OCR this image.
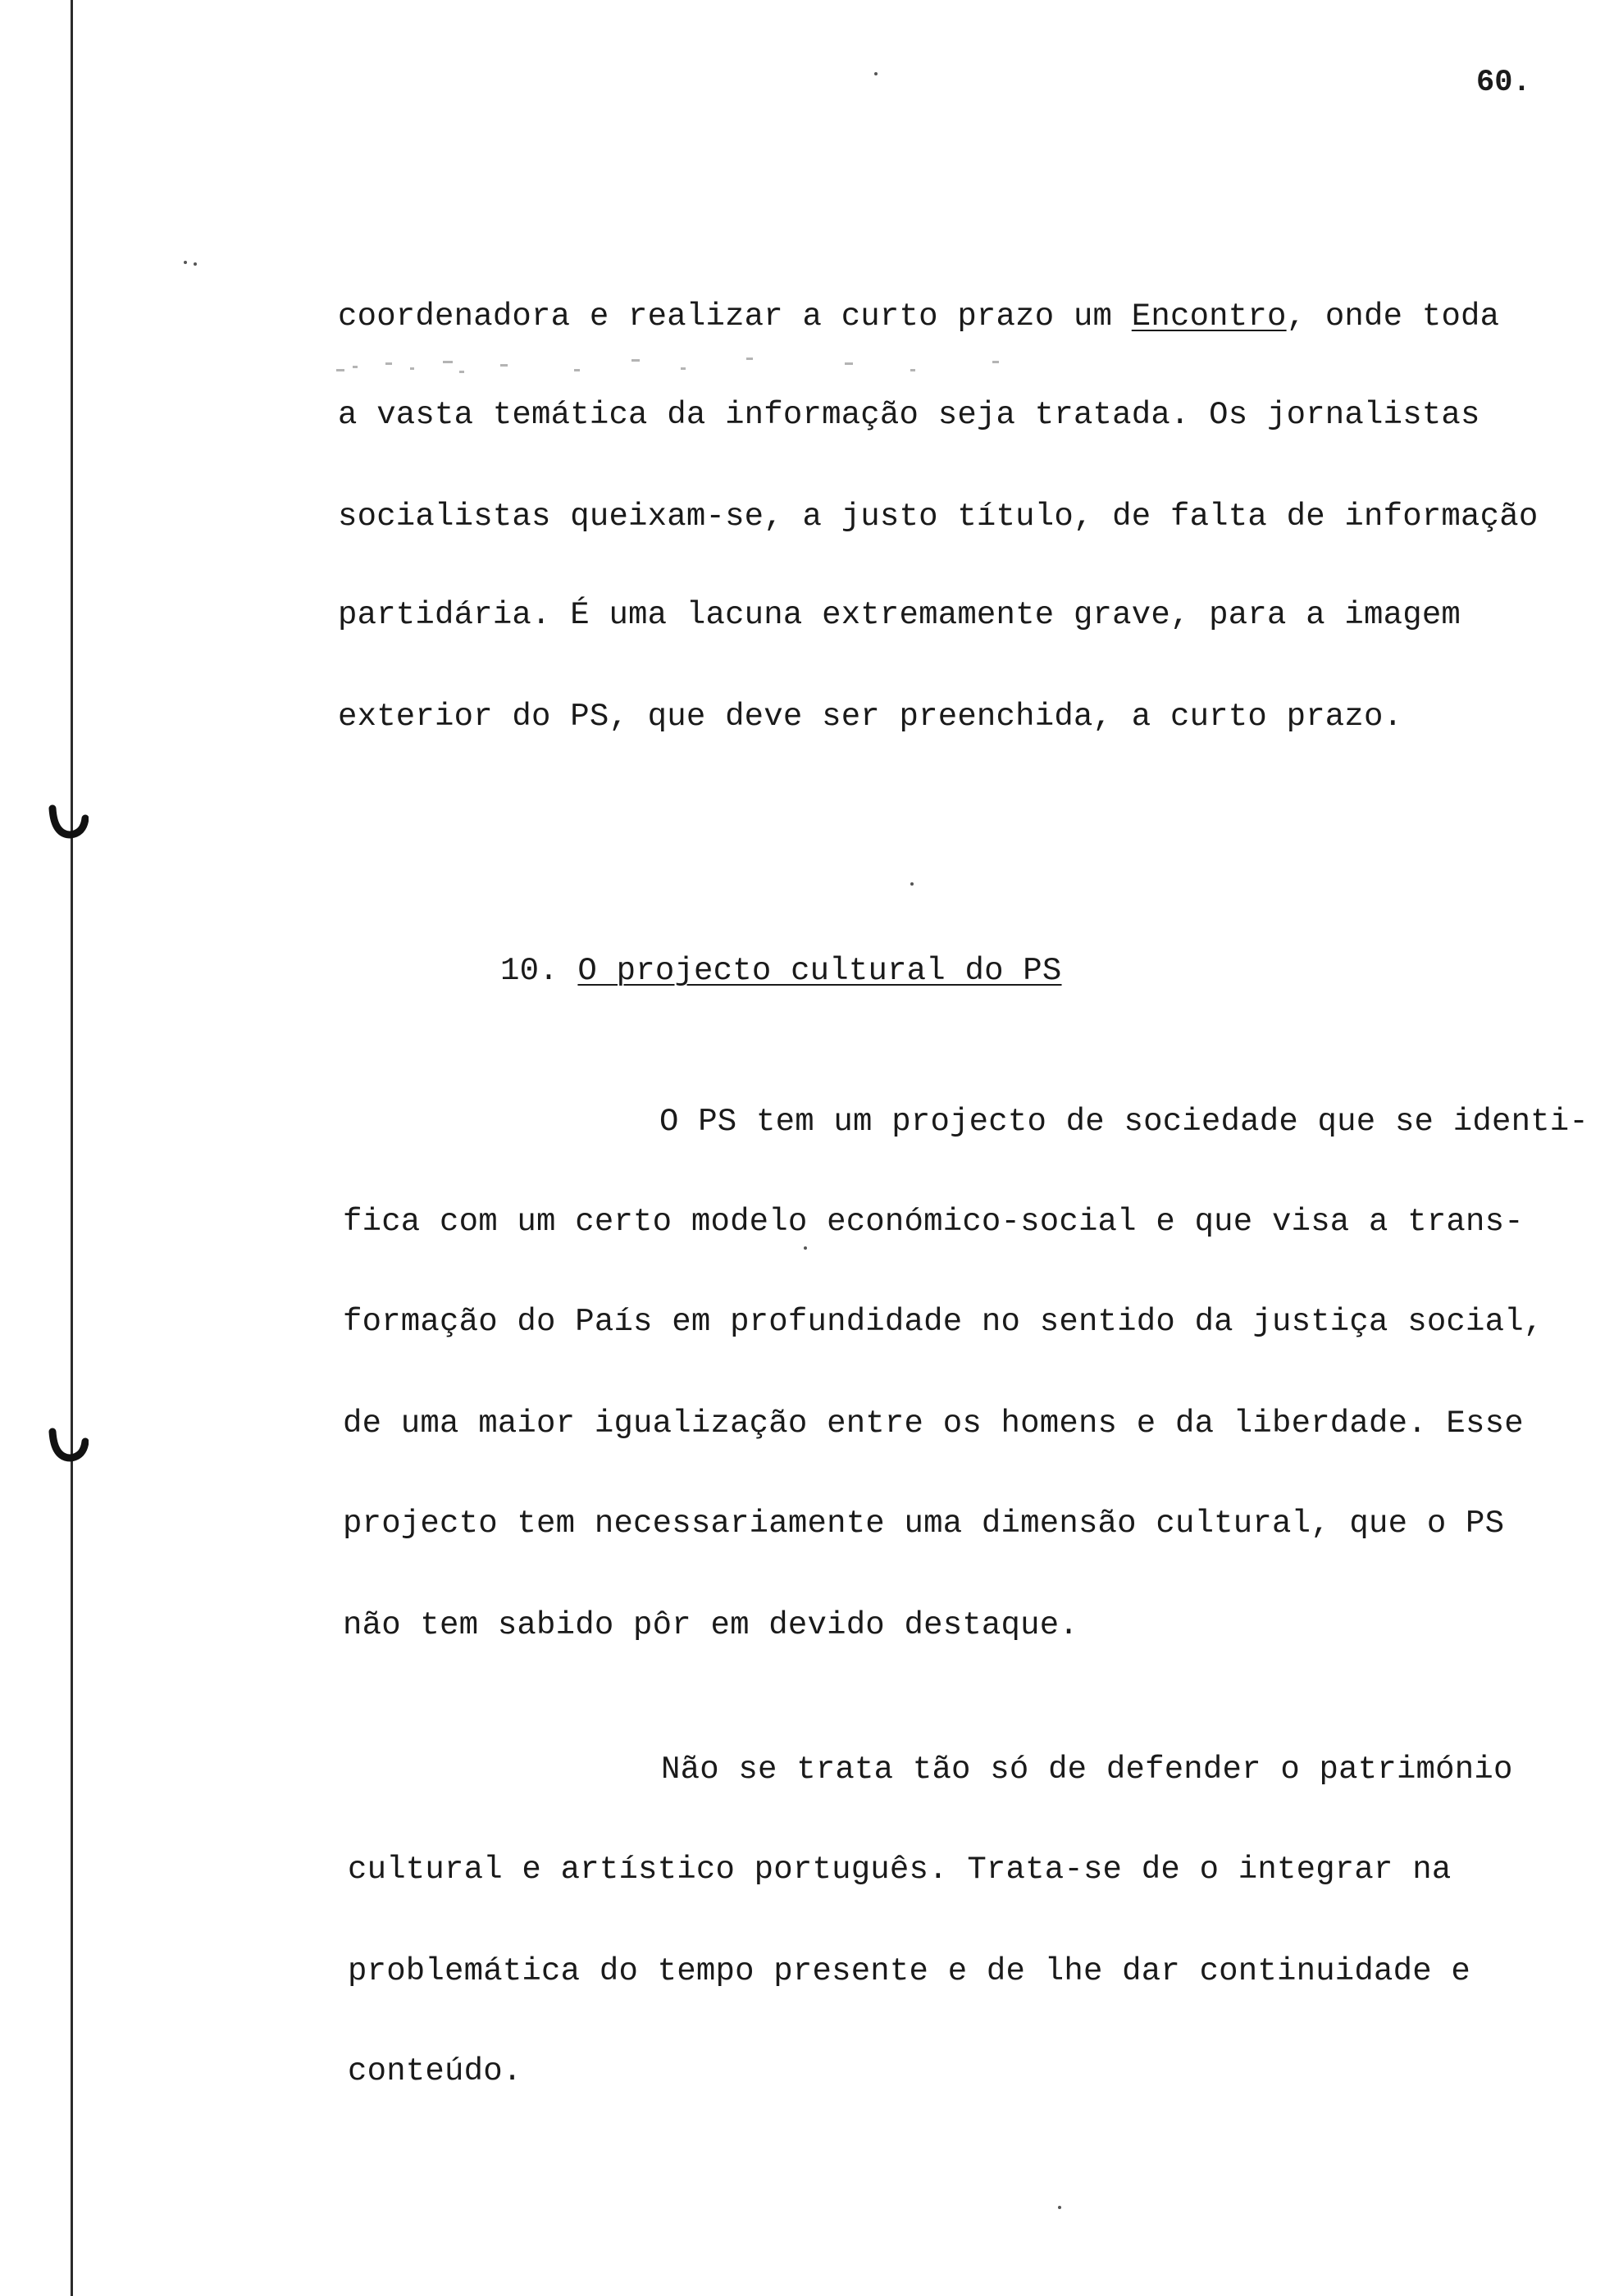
60.
coordenadora e realizar a curto prazo um Encontro, onde toda
a vasta temática da informação seja tratada. Os jornalistas
socialistas queixam-se, a justo título, de falta de informação
partidária. É uma lacuna extremamente grave, para a imagem
exterior do PS, que deve ser preenchida, a curto prazo.
10. O projecto cultural do PS
O PS tem um projecto de sociedade que se identi-
fica com um certo modelo económico-social e que visa a trans-
formação do País em profundidade no sentido da justiça social,
de uma maior igualização entre os homens e da liberdade. Esse
projecto tem necessariamente uma dimensão cultural, que o PS
não tem sabido pôr em devido destaque.
Não se trata tão só de defender o património
cultural e artístico português. Trata-se de o integrar na
problemática do tempo presente e de lhe dar continuidade e
conteúdo.
